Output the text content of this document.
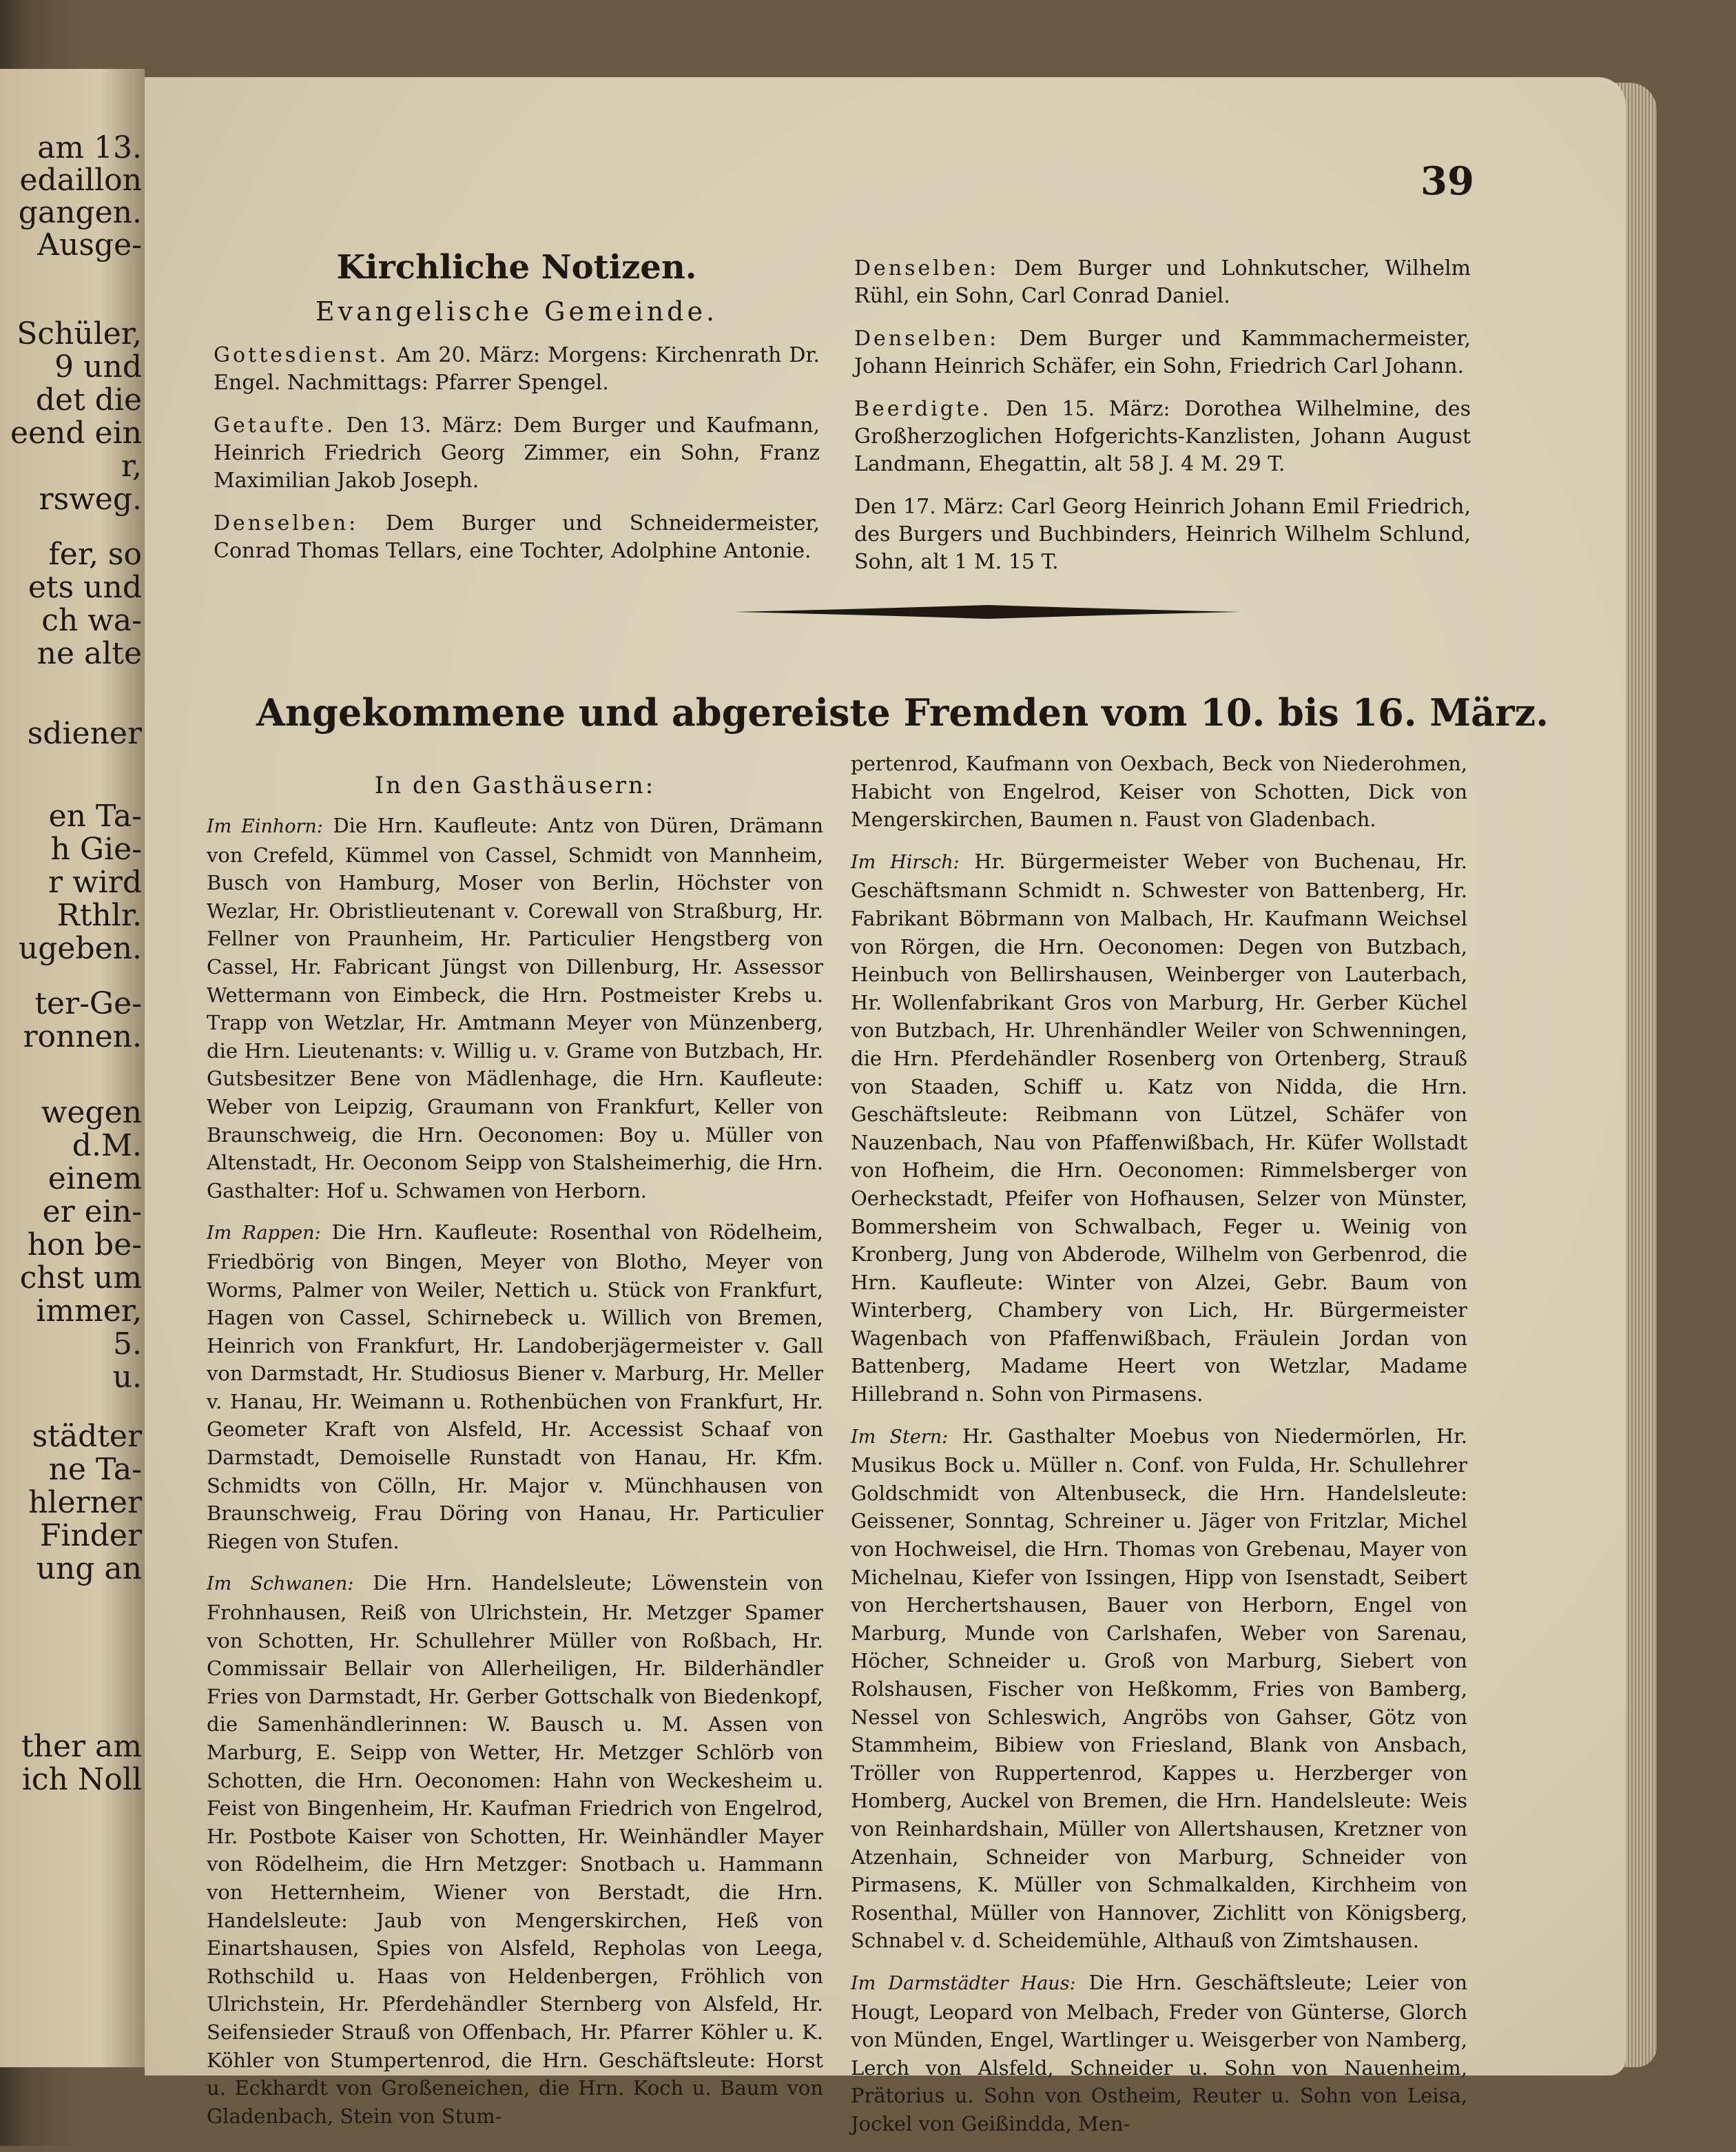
am 13.
edaillon
gangen.
Ausge-
Schüler,
9 und
det die
eend ein
r,
rsweg.
fer, so
ets und
ch wa-
ne alte
sdiener
en Ta-
h Gie-
r wird
Rthlr.
ugeben.
ter-Ge-
ronnen.
wegen
d.M.
einem
er ein-
hon be-
chst um
immer,
5.
u.
städter
ne Ta-
hlerner
Finder
ung an
ther am
ich Noll
39
Kirchliche Notizen.
Evangelische Gemeinde.

Gottesdienst. Am 20. März: Morgens: Kirchenrath Dr. Engel. Nachmittags: Pfarrer Spengel.

Getaufte. Den 13. März: Dem Burger und Kaufmann, Heinrich Friedrich Georg Zimmer, ein Sohn, Franz Maximilian Jakob Joseph.

Denselben: Dem Burger und Schneidermeister, Conrad Thomas Tellars, eine Tochter, Adolphine Antonie.

Denselben: Dem Burger und Lohnkutscher, Wilhelm Rühl, ein Sohn, Carl Conrad Daniel.

Denselben: Dem Burger und Kammmachermeister, Johann Heinrich Schäfer, ein Sohn, Friedrich Carl Johann.

Beerdigte. Den 15. März: Dorothea Wilhelmine, des Großherzoglichen Hofgerichts-Kanzlisten, Johann August Landmann, Ehegattin, alt 58 J. 4 M. 29 T.

Den 17. März: Carl Georg Heinrich Johann Emil Friedrich, des Burgers und Buchbinders, Heinrich Wilhelm Schlund, Sohn, alt 1 M. 15 T.

Angekommene und abgereiste Fremden vom 10. bis 16. März.
In den Gasthäusern:

Im Einhorn: Die Hrn. Kaufleute: Antz von Düren, Drämann von Crefeld, Kümmel von Cassel, Schmidt von Mannheim, Busch von Hamburg, Moser von Berlin, Höchster von Wezlar, Hr. Obristlieutenant v. Corewall von Straßburg, Hr. Fellner von Praunheim, Hr. Particulier Hengstberg von Cassel, Hr. Fabricant Jüngst von Dillenburg, Hr. Assessor Wettermann von Eimbeck, die Hrn. Postmeister Krebs u. Trapp von Wetzlar, Hr. Amtmann Meyer von Münzenberg, die Hrn. Lieutenants: v. Willig u. v. Grame von Butzbach, Hr. Gutsbesitzer Bene von Mädlenhage, die Hrn. Kaufleute: Weber von Leipzig, Graumann von Frankfurt, Keller von Braunschweig, die Hrn. Oeconomen: Boy u. Müller von Altenstadt, Hr. Oeconom Seipp von Stalsheimerhig, die Hrn. Gasthalter: Hof u. Schwamen von Herborn.

Im Rappen: Die Hrn. Kaufleute: Rosenthal von Rödelheim, Friedbörig von Bingen, Meyer von Blotho, Meyer von Worms, Palmer von Weiler, Nettich u. Stück von Frankfurt, Hagen von Cassel, Schirnebeck u. Willich von Bremen, Heinrich von Frankfurt, Hr. Landoberjägermeister v. Gall von Darmstadt, Hr. Studiosus Biener v. Marburg, Hr. Meller v. Hanau, Hr. Weimann u. Rothenbüchen von Frankfurt, Hr. Geometer Kraft von Alsfeld, Hr. Accessist Schaaf von Darmstadt, Demoiselle Runstadt von Hanau, Hr. Kfm. Schmidts von Cölln, Hr. Major v. Münchhausen von Braunschweig, Frau Döring von Hanau, Hr. Particulier Riegen von Stufen.

Im Schwanen: Die Hrn. Handelsleute; Löwenstein von Frohnhausen, Reiß von Ulrichstein, Hr. Metzger Spamer von Schotten, Hr. Schullehrer Müller von Roßbach, Hr. Commissair Bellair von Allerheiligen, Hr. Bilderhändler Fries von Darmstadt, Hr. Gerber Gottschalk von Biedenkopf, die Samenhändlerinnen: W. Bausch u. M. Assen von Marburg, E. Seipp von Wetter, Hr. Metzger Schlörb von Schotten, die Hrn. Oeconomen: Hahn von Weckesheim u. Feist von Bingenheim, Hr. Kaufman Friedrich von Engelrod, Hr. Postbote Kaiser von Schotten, Hr. Weinhändler Mayer von Rödelheim, die Hrn Metzger: Snotbach u. Hammann von Hetternheim, Wiener von Berstadt, die Hrn. Handelsleute: Jaub von Mengerskirchen, Heß von Einartshausen, Spies von Alsfeld, Repholas von Leega, Rothschild u. Haas von Heldenbergen, Fröhlich von Ulrichstein, Hr. Pferdehändler Sternberg von Alsfeld, Hr. Seifensieder Strauß von Offenbach, Hr. Pfarrer Köhler u. K. Köhler von Stumpertenrod, die Hrn. Geschäftsleute: Horst u. Eckhardt von Großeneichen, die Hrn. Koch u. Baum von Gladenbach, Stein von Stum-

pertenrod, Kaufmann von Oexbach, Beck von Niederohmen, Habicht von Engelrod, Keiser von Schotten, Dick von Mengerskirchen, Baumen n. Faust von Gladenbach.

Im Hirsch: Hr. Bürgermeister Weber von Buchenau, Hr. Geschäftsmann Schmidt n. Schwester von Battenberg, Hr. Fabrikant Böbrmann von Malbach, Hr. Kaufmann Weichsel von Rörgen, die Hrn. Oeconomen: Degen von Butzbach, Heinbuch von Bellirshausen, Weinberger von Lauterbach, Hr. Wollenfabrikant Gros von Marburg, Hr. Gerber Küchel von Butzbach, Hr. Uhrenhändler Weiler von Schwenningen, die Hrn. Pferdehändler Rosenberg von Ortenberg, Strauß von Staaden, Schiff u. Katz von Nidda, die Hrn. Geschäftsleute: Reibmann von Lützel, Schäfer von Nauzenbach, Nau von Pfaffenwißbach, Hr. Küfer Wollstadt von Hofheim, die Hrn. Oeconomen: Rimmelsberger von Oerheckstadt, Pfeifer von Hofhausen, Selzer von Münster, Bommersheim von Schwalbach, Feger u. Weinig von Kronberg, Jung von Abderode, Wilhelm von Gerbenrod, die Hrn. Kaufleute: Winter von Alzei, Gebr. Baum von Winterberg, Chambery von Lich, Hr. Bürgermeister Wagenbach von Pfaffenwißbach, Fräulein Jordan von Battenberg, Madame Heert von Wetzlar, Madame Hillebrand n. Sohn von Pirmasens.

Im Stern: Hr. Gasthalter Moebus von Niedermörlen, Hr. Musikus Bock u. Müller n. Conf. von Fulda, Hr. Schullehrer Goldschmidt von Altenbuseck, die Hrn. Handelsleute: Geissener, Sonntag, Schreiner u. Jäger von Fritzlar, Michel von Hochweisel, die Hrn. Thomas von Grebenau, Mayer von Michelnau, Kiefer von Issingen, Hipp von Isenstadt, Seibert von Herchertshausen, Bauer von Herborn, Engel von Marburg, Munde von Carlshafen, Weber von Sarenau, Höcher, Schneider u. Groß von Marburg, Siebert von Rolshausen, Fischer von Heßkomm, Fries von Bamberg, Nessel von Schleswich, Angröbs von Gahser, Götz von Stammheim, Bibiew von Friesland, Blank von Ansbach, Tröller von Ruppertenrod, Kappes u. Herzberger von Homberg, Auckel von Bremen, die Hrn. Handelsleute: Weis von Reinhardshain, Müller von Allertshausen, Kretzner von Atzenhain, Schneider von Marburg, Schneider von Pirmasens, K. Müller von Schmalkalden, Kirchheim von Rosenthal, Müller von Hannover, Zichlitt von Königsberg, Schnabel v. d. Scheidemühle, Althauß von Zimtshausen.

Im Darmstädter Haus: Die Hrn. Geschäftsleute; Leier von Hougt, Leopard von Melbach, Freder von Günterse, Glorch von Münden, Engel, Wartlinger u. Weisgerber von Namberg, Lerch von Alsfeld, Schneider u. Sohn von Nauenheim, Prätorius u. Sohn von Ostheim, Reuter u. Sohn von Leisa, Jockel von Geißindda, Men-
